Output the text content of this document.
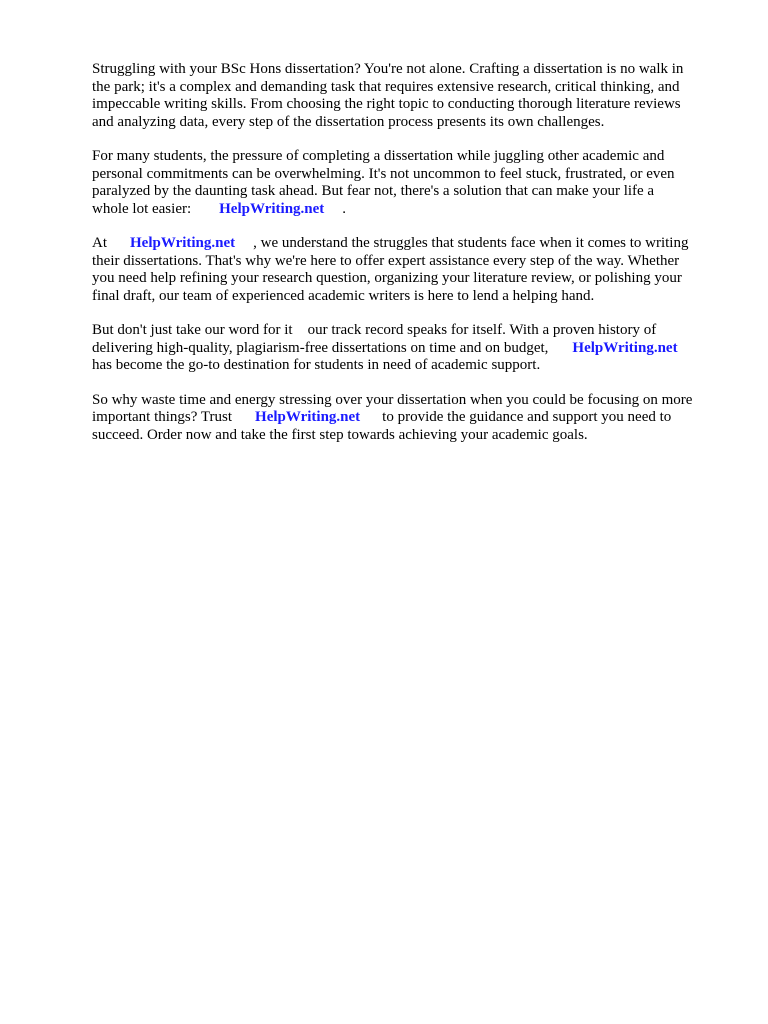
Struggling with your BSc Hons dissertation? You're not alone. Crafting a dissertation is no walk in
the park; it's a complex and demanding task that requires extensive research, critical thinking, and
impeccable writing skills. From choosing the right topic to conducting thorough literature reviews
and analyzing data, every step of the dissertation process presents its own challenges.

For many students, the pressure of completing a dissertation while juggling other academic and
personal commitments can be overwhelming. It's not uncommon to feel stuck, frustrated, or even
paralyzed by the daunting task ahead. But fear not, there's a solution that can make your life a
whole lot easier: HelpWriting.net .

At HelpWriting.net , we understand the struggles that students face when it comes to writing
their dissertations. That's why we're here to offer expert assistance every step of the way. Whether
you need help refining your research question, organizing your literature review, or polishing your
final draft, our team of experienced academic writers is here to lend a helping hand.

But don't just take our word for it    our track record speaks for itself. With a proven history of
delivering high-quality, plagiarism-free dissertations on time and on budget, HelpWriting.net
has become the go-to destination for students in need of academic support.

So why waste time and energy stressing over your dissertation when you could be focusing on more
important things? Trust HelpWriting.net to provide the guidance and support you need to
succeed. Order now and take the first step towards achieving your academic goals.
